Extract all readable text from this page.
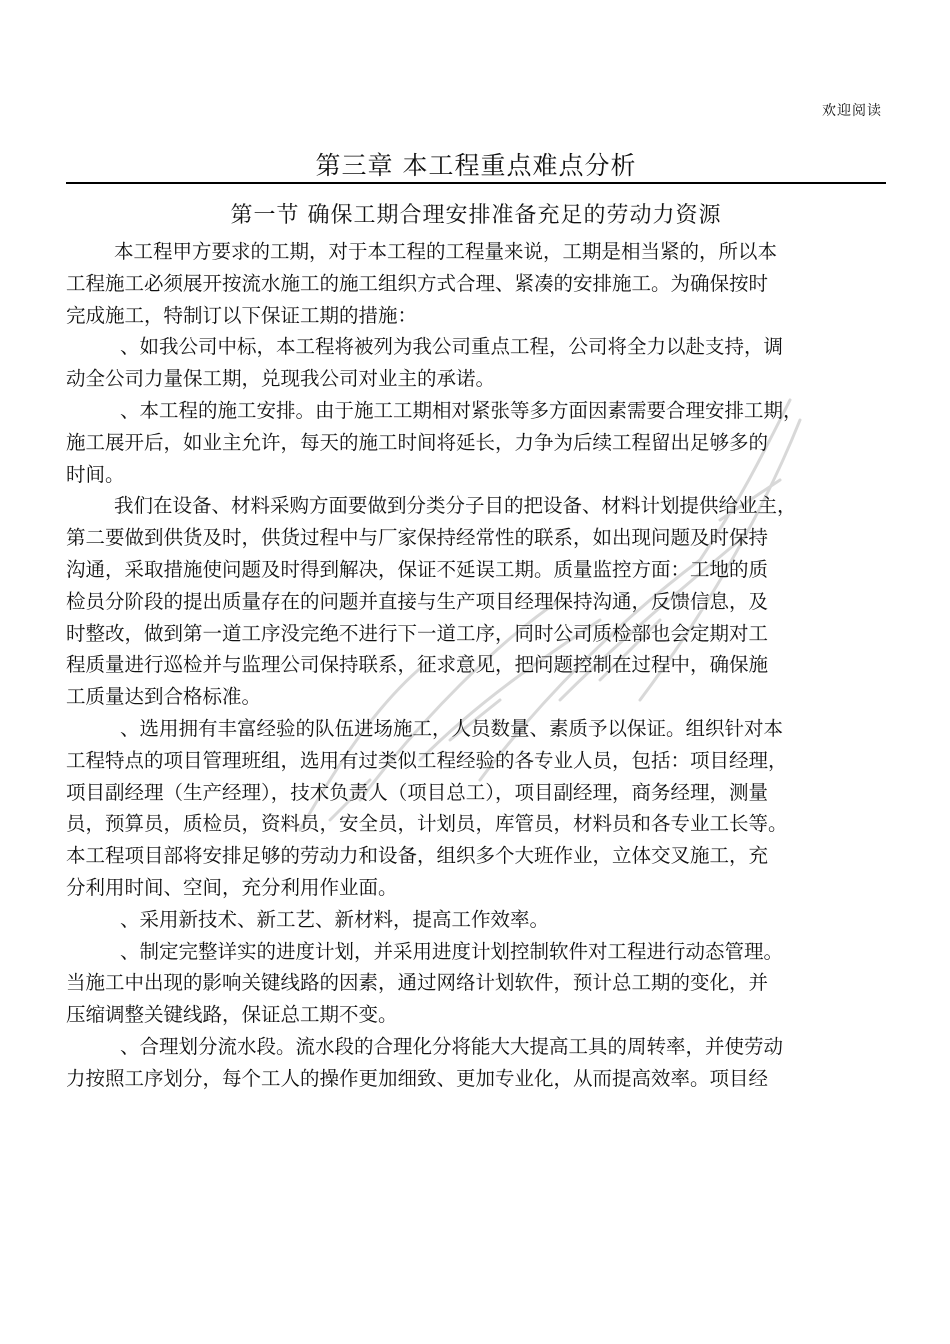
欢迎阅读
第三章 本工程重点难点分析
第一节 确保工期合理安排准备充足的劳动力资源
本工程甲方要求的工期，对于本工程的工程量来说，工期是相当紧的，所以本
工程施工必须展开按流水施工的施工组织方式合理、紧凑的安排施工。为确保按时
完成施工，特制订以下保证工期的措施：
、如我公司中标，本工程将被列为我公司重点工程，公司将全力以赴支持，调
动全公司力量保工期，兑现我公司对业主的承诺。
、本工程的施工安排。由于施工工期相对紧张等多方面因素需要合理安排工期，
施工展开后，如业主允许，每天的施工时间将延长，力争为后续工程留出足够多的
时间。
我们在设备、材料采购方面要做到分类分子目的把设备、材料计划提供给业主，
第二要做到供货及时，供货过程中与厂家保持经常性的联系，如出现问题及时保持
沟通，采取措施使问题及时得到解决，保证不延误工期。质量监控方面：工地的质
检员分阶段的提出质量存在的问题并直接与生产项目经理保持沟通，反馈信息，及
时整改，做到第一道工序没完绝不进行下一道工序，同时公司质检部也会定期对工
程质量进行巡检并与监理公司保持联系，征求意见，把问题控制在过程中，确保施
工质量达到合格标准。
、选用拥有丰富经验的队伍进场施工，人员数量、素质予以保证。组织针对本
工程特点的项目管理班组，选用有过类似工程经验的各专业人员，包括：项目经理，
项目副经理（生产经理），技术负责人（项目总工），项目副经理，商务经理，测量
员，预算员，质检员，资料员，安全员，计划员，库管员，材料员和各专业工长等。
本工程项目部将安排足够的劳动力和设备，组织多个大班作业，立体交叉施工，充
分利用时间、空间，充分利用作业面。
、采用新技术、新工艺、新材料，提高工作效率。
、制定完整详实的进度计划，并采用进度计划控制软件对工程进行动态管理。
当施工中出现的影响关键线路的因素，通过网络计划软件，预计总工期的变化，并
压缩调整关键线路，保证总工期不变。
、合理划分流水段。流水段的合理化分将能大大提高工具的周转率，并使劳动
力按照工序划分，每个工人的操作更加细致、更加专业化，从而提高效率。项目经
